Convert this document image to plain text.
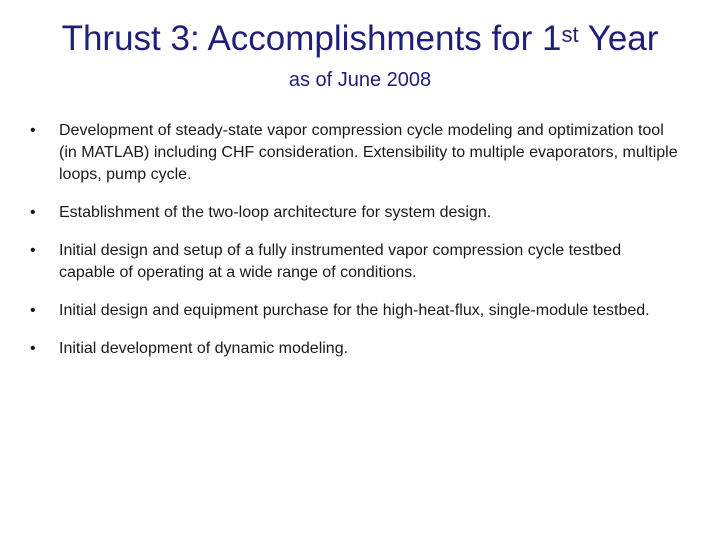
Thrust 3: Accomplishments for 1st Year
as of June 2008
•	Development of steady-state vapor compression cycle modeling and optimization tool (in MATLAB) including CHF consideration. Extensibility to multiple evaporators, multiple loops, pump cycle.
•	Establishment of the two-loop architecture for system design.
•	Initial design and setup of a fully instrumented vapor compression cycle testbed capable of operating at a wide range of conditions.
•	Initial design and equipment purchase for the high-heat-flux, single-module testbed.
•	Initial development of dynamic modeling.
